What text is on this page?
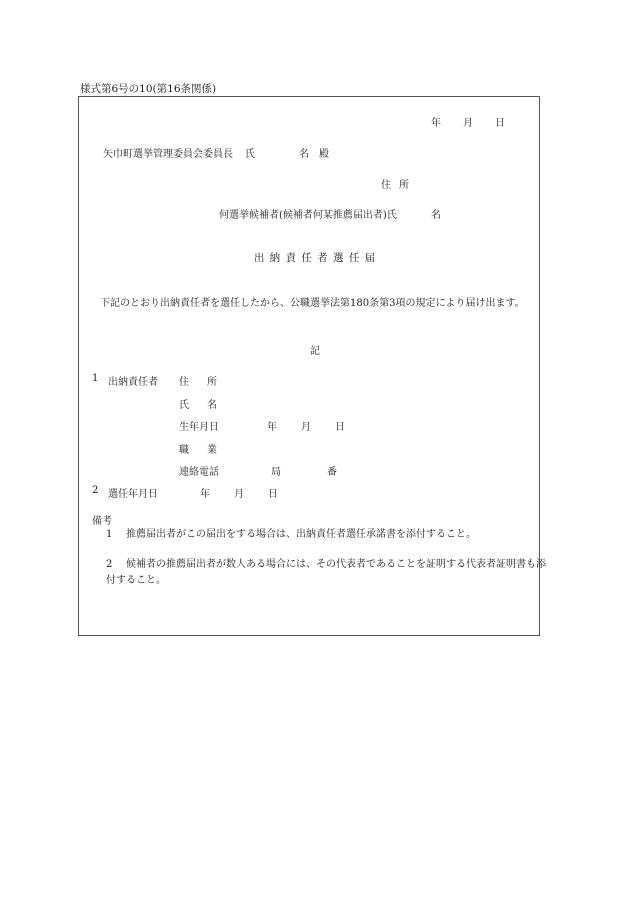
様式第6号の10(第16条関係)
年 月 日
矢巾町選挙管理委員会委員長 氏	名 殿
住 所
何選挙候補者(候補者何某推薦届出者)氏	名
出 納 責 任 者 選 任 届
　下記のとおり出納責任者を選任したから、公職選挙法第180条第3項の規定により届け出ます。
記
1 出納責任者 住 所
氏 名
生年月日	年 月 日
職 業
連絡電話	局	番
2 選任年月日	年 月 日
備考
1 推薦届出者がこの届出をする場合は、出納責任者選任承諾書を添付すること。
2 候補者の推薦届出者が数人ある場合には、その代表者であることを証明する代表者証明書も添付すること。
